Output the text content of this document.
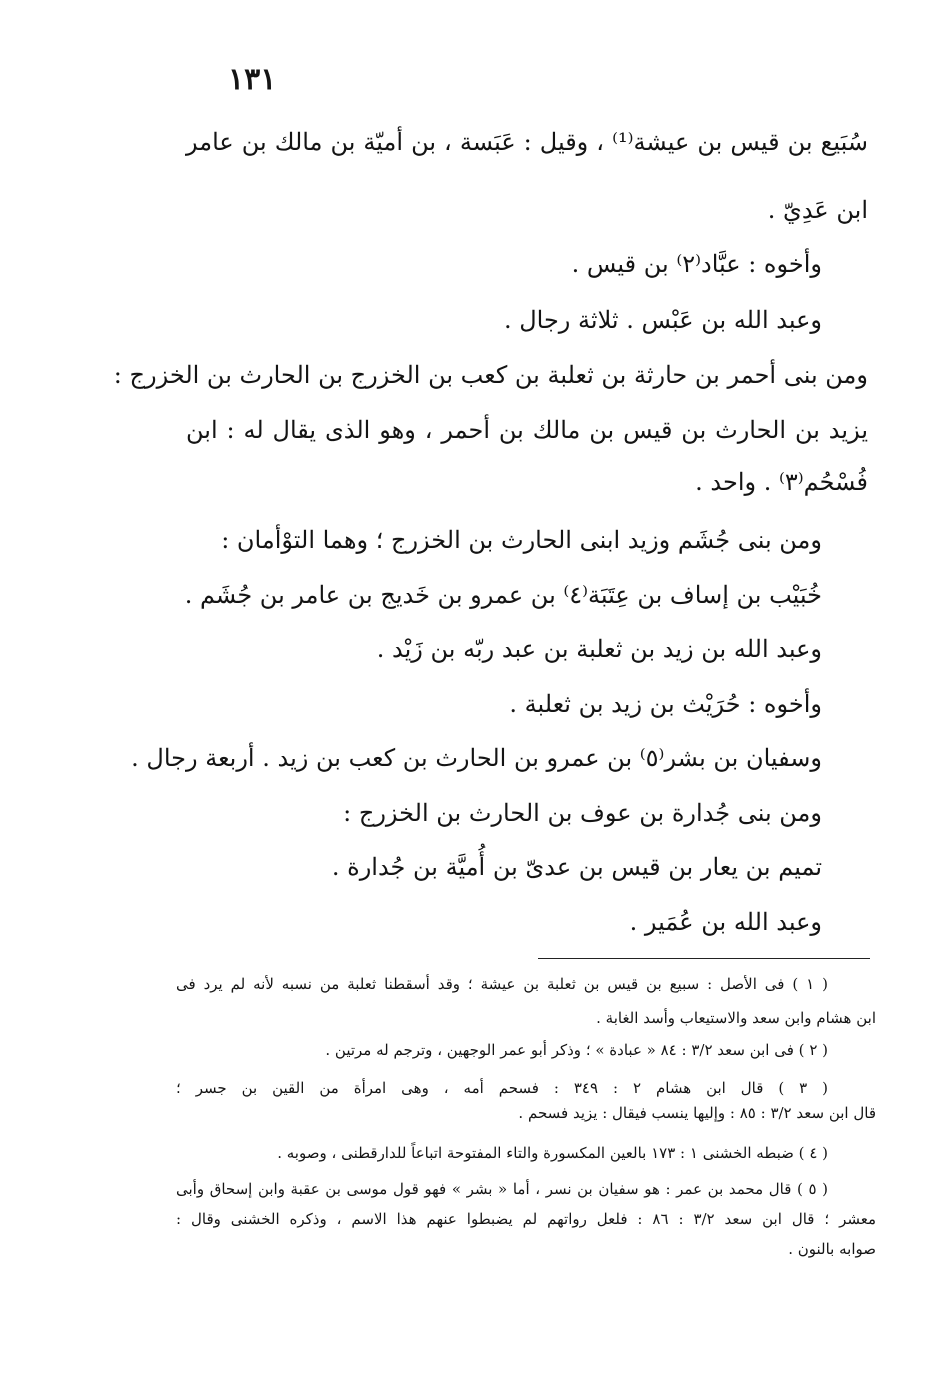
١٣١
سُبَيع بن قيس بن عيشة⁽¹⁾ ، وقيل : عَبَسة ، بن أميّة بن مالك بن عامر
ابن عَدِيّ .
وأخوه : عبَّاد⁽٢⁾ بن قيس .
وعبد الله بن عَبْس . ثلاثة رجال .
ومن بنى أحمر بن حارثة بن ثعلبة بن كعب بن الخزرج بن الحارث بن الخزرج :
يزيد بن الحارث بن قيس بن مالك بن أحمر ، وهو الذى يقال له : ابن
فُسْحُم⁽٣⁾ . واحد .
ومن بنى جُشَم وزيد ابنى الحارث بن الخزرج ؛ وهما التوْأمان :
خُبَيْب بن إساف بن عِتَبَة⁽٤⁾ بن عمرو بن خَديج بن عامر بن جُشَم .
وعبد الله بن زيد بن ثعلبة بن عبد ربّه بن زَيْد .
وأخوه : حُرَيْث بن زيد بن ثعلبة .
وسفيان بن بشر⁽٥⁾ بن عمرو بن الحارث بن كعب بن زيد . أربعة رجال .
ومن بنى جُدارة بن عوف بن الحارث بن الخزرج :
تميم بن يعار بن قيس بن عدىّ بن أُميَّة بن جُدارة .
وعبد الله بن عُمَير .
( ١ ) فى الأصل : سبيع بن قيس بن ثعلبة بن عيشة ؛ وقد أسقطنا ثعلبة من نسبه لأنه لم يرد فى
ابن هشام وابن سعد والاستيعاب وأسد الغابة .
( ٢ ) فى ابن سعد ٣/٢ : ٨٤ « عبادة » ؛ وذكر أبو عمر الوجهين ، وترجم له مرتين .
( ٣ ) قال ابن هشام ٢ : ٣٤٩ : فسحم أمه ، وهى امرأة من القين بن جسر ؛
قال ابن سعد ٣/٢ : ٨٥ : وإليها ينسب فيقال : يزيد فسحم .
( ٤ ) ضبطه الخشنى ١ : ١٧٣ بالعين المكسورة والتاء المفتوحة اتباعاً للدارقطنى ، وصوبه .
( ٥ ) قال محمد بن عمر : هو سفيان بن نسر ، أما « بشر » فهو قول موسى بن عقبة وابن إسحاق وأبى
معشر ؛ قال ابن سعد ٣/٢ : ٨٦ : فلعل رواتهم لم يضبطوا عنهم هذا الاسم ، وذكره الخشنى وقال :
صوابه بالنون .
